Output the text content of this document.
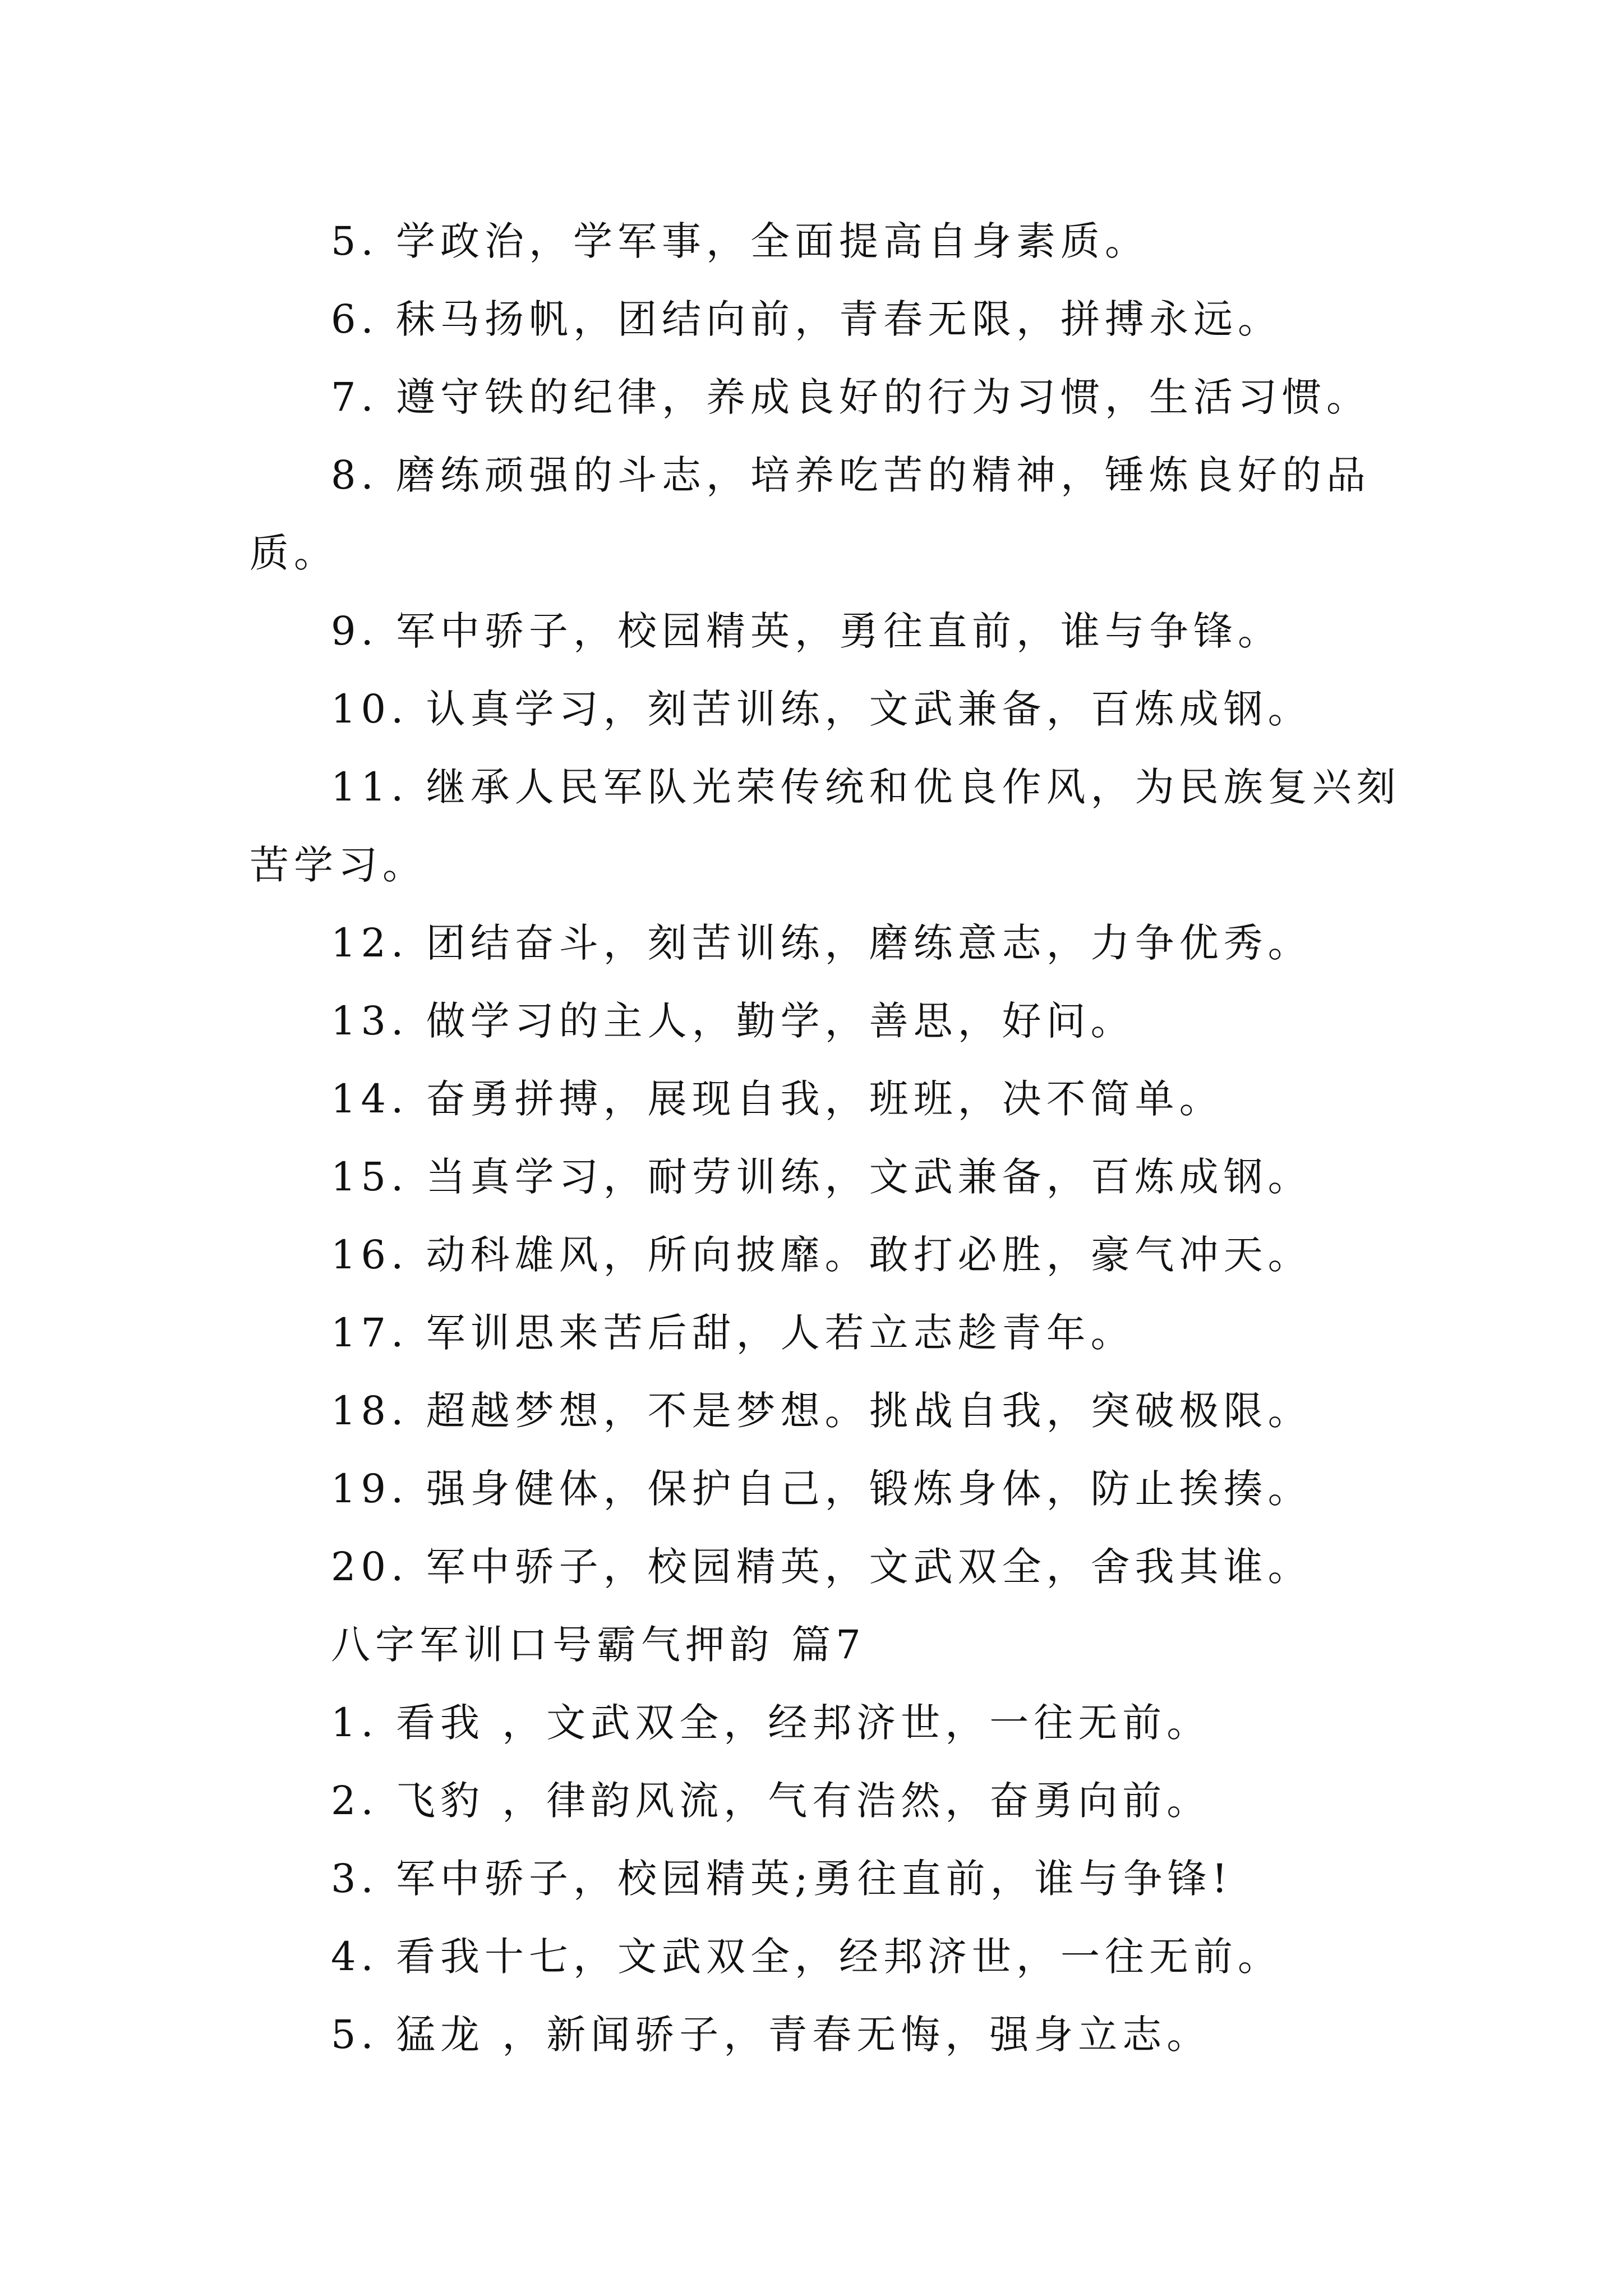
5. 学政治，学军事，全面提高自身素质。
6. 秣马扬帆，团结向前，青春无限，拼搏永远。
7. 遵守铁的纪律，养成良好的行为习惯，生活习惯。
8. 磨练顽强的斗志，培养吃苦的精神，锤炼良好的品
质。
9. 军中骄子，校园精英，勇往直前，谁与争锋。
10. 认真学习，刻苦训练，文武兼备，百炼成钢。
11. 继承人民军队光荣传统和优良作风，为民族复兴刻
苦学习。
12. 团结奋斗，刻苦训练，磨练意志，力争优秀。
13. 做学习的主人，勤学，善思，好问。
14. 奋勇拼搏，展现自我，班班，决不简单。
15. 当真学习，耐劳训练，文武兼备，百炼成钢。
16. 动科雄风，所向披靡。敢打必胜，豪气冲天。
17. 军训思来苦后甜，人若立志趁青年。
18. 超越梦想，不是梦想。挑战自我，突破极限。
19. 强身健体，保护自己，锻炼身体，防止挨揍。
20. 军中骄子，校园精英，文武双全，舍我其谁。
八字军训口号霸气押韵 篇7
1. 看我 ，文武双全，经邦济世，一往无前。
2. 飞豹 ，律韵风流，气有浩然，奋勇向前。
3. 军中骄子，校园精英;勇往直前，谁与争锋!
4. 看我十七，文武双全，经邦济世，一往无前。
5. 猛龙 ，新闻骄子，青春无悔，强身立志。
